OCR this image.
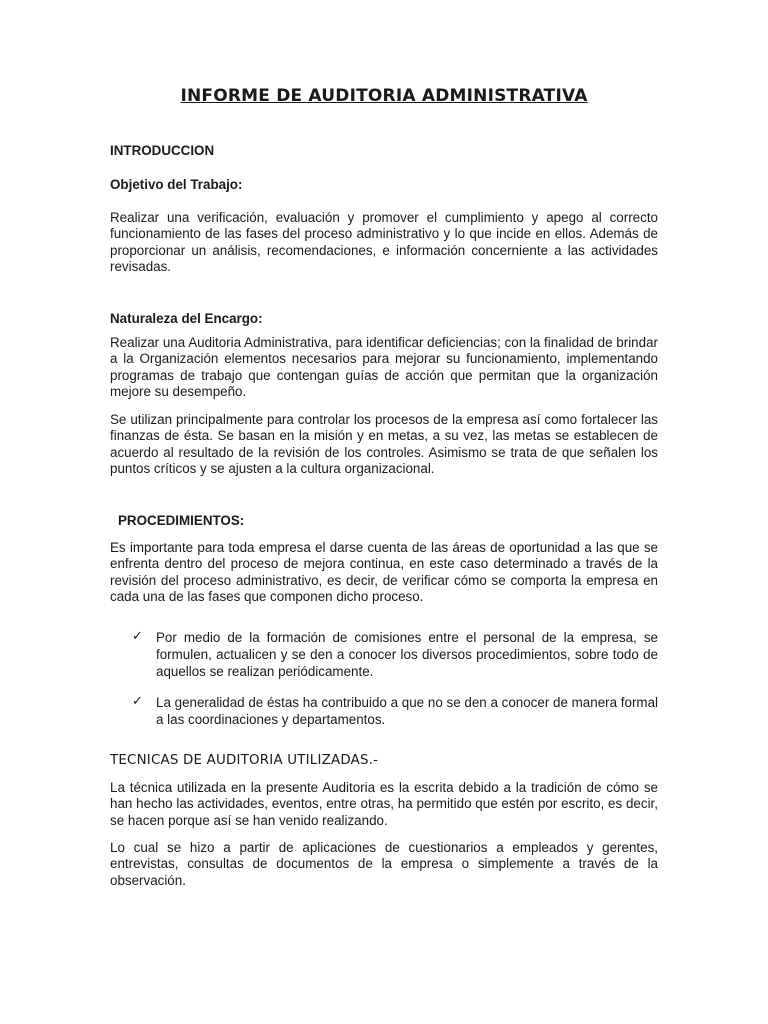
INFORME DE AUDITORIA ADMINISTRATIVA
INTRODUCCION
Objetivo del Trabajo:

Realizar una verificación, evaluación y promover el cumplimiento y apego al correcto funcionamiento de las fases del proceso administrativo y lo que incide en ellos. Además de proporcionar un análisis, recomendaciones, e información concerniente a las actividades revisadas.

Naturaleza del Encargo:

Realizar una Auditoria Administrativa, para identificar deficiencias; con la finalidad de brindar a la Organización elementos necesarios para mejorar su funcionamiento, implementando programas de trabajo que contengan guías de acción que permitan que la organización mejore su desempeño.

Se utilizan principalmente para controlar los procesos de la empresa así como fortalecer las finanzas de ésta. Se basan en la misión y en metas, a su vez, las metas se establecen de acuerdo al resultado de la revisión de los controles. Asimismo se trata de que señalen los puntos críticos y se ajusten a la cultura organizacional.

PROCEDIMIENTOS:

Es importante para toda empresa el darse cuenta de las áreas de oportunidad a las que se enfrenta dentro del proceso de mejora continua, en este caso determinado a través de la revisión del proceso administrativo, es decir, de verificar cómo se comporta la empresa en cada una de las fases que componen dicho proceso.

✓ Por medio de la formación de comisiones entre el personal de la empresa, se formulen, actualicen y se den a conocer los diversos procedimientos, sobre todo de aquellos se realizan periódicamente.
✓ La generalidad de éstas ha contribuido a que no se den a conocer de manera formal a las coordinaciones y departamentos.
TECNICAS DE AUDITORIA UTILIZADAS.-

La técnica utilizada en la presente Auditoria es la escrita debido a la tradición de cómo se han hecho las actividades, eventos, entre otras, ha permitido que estén por escrito, es decir, se hacen porque así se han venido realizando.

Lo cual se hizo a partir de aplicaciones de cuestionarios a empleados y gerentes, entrevistas, consultas de documentos de la empresa o simplemente a través de la observación.
